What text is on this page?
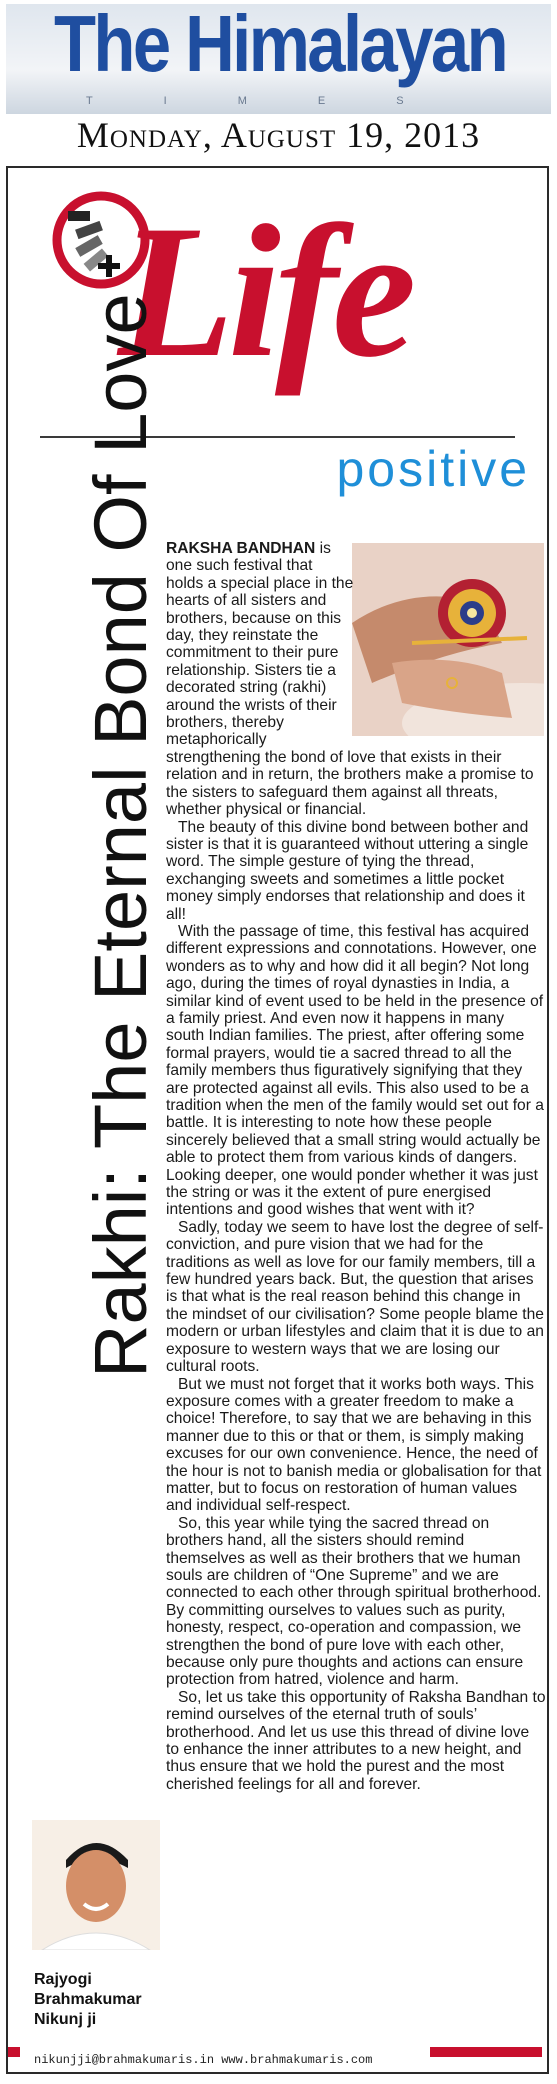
The Himalayan
T I M E S
Monday, August 19, 2013
Life
positive
Rakhi: The Eternal Bond Of Love RAKSHA BANDHAN is one such festival that holds a special place in the hearts of all sisters and brothers, because on this day, they reinstate the commitment to their pure relationship. Sisters tie a decorated string (rakhi) around the wrists of their brothers, thereby metaphorically strengthening the bond of love that exists in their relation and in return, the brothers make a promise to the sisters to safeguard them against all threats, whether physical or financial.

The beauty of this divine bond between bother and sister is that it is guaranteed without uttering a single word. The simple gesture of tying the thread, exchanging sweets and sometimes a little pocket money simply endorses that relationship and does it all!

With the passage of time, this festival has acquired different expressions and connotations. However, one wonders as to why and how did it all begin? Not long ago, during the times of royal dynasties in India, a similar kind of event used to be held in the presence of a family priest. And even now it happens in many south Indian families. The priest, after offering some formal prayers, would tie a sacred thread to all the family members thus figuratively signifying that they are protected against all evils. This also used to be a tradition when the men of the family would set out for a battle. It is interesting to note how these people sincerely believed that a small string would actually be able to protect them from various kinds of dangers. Looking deeper, one would ponder whether it was just the string or was it the extent of pure energised intentions and good wishes that went with it?

Sadly, today we seem to have lost the degree of self-conviction, and pure vision that we had for the traditions as well as love for our family members, till a few hundred years back. But, the question that arises is that what is the real reason behind this change in the mindset of our civilisation? Some people blame the modern or urban lifestyles and claim that it is due to an exposure to western ways that we are losing our cultural roots.

But we must not forget that it works both ways. This exposure comes with a greater freedom to make a choice! Therefore, to say that we are behaving in this manner due to this or that or them, is simply making excuses for our own convenience. Hence, the need of the hour is not to banish media or globalisation for that matter, but to focus on restoration of human values and individual self-respect.

So, this year while tying the sacred thread on brothers hand, all the sisters should remind themselves as well as their brothers that we human souls are children of “One Supreme” and we are connected to each other through spiritual brotherhood. By committing ourselves to values such as purity, honesty, respect, co-operation and compassion, we strengthen the bond of pure love with each other, because only pure thoughts and actions can ensure protection from hatred, violence and harm.

So, let us take this opportunity of Raksha Bandhan to remind ourselves of the eternal truth of souls’ brotherhood. And let us use this thread of divine love to enhance the inner attributes to a new height, and thus ensure that we hold the purest and the most cherished feelings for all and forever.

Rajyogi
Brahmakumar
Nikunj ji
nikunjji@brahmakumaris.in www.brahmakumaris.com
